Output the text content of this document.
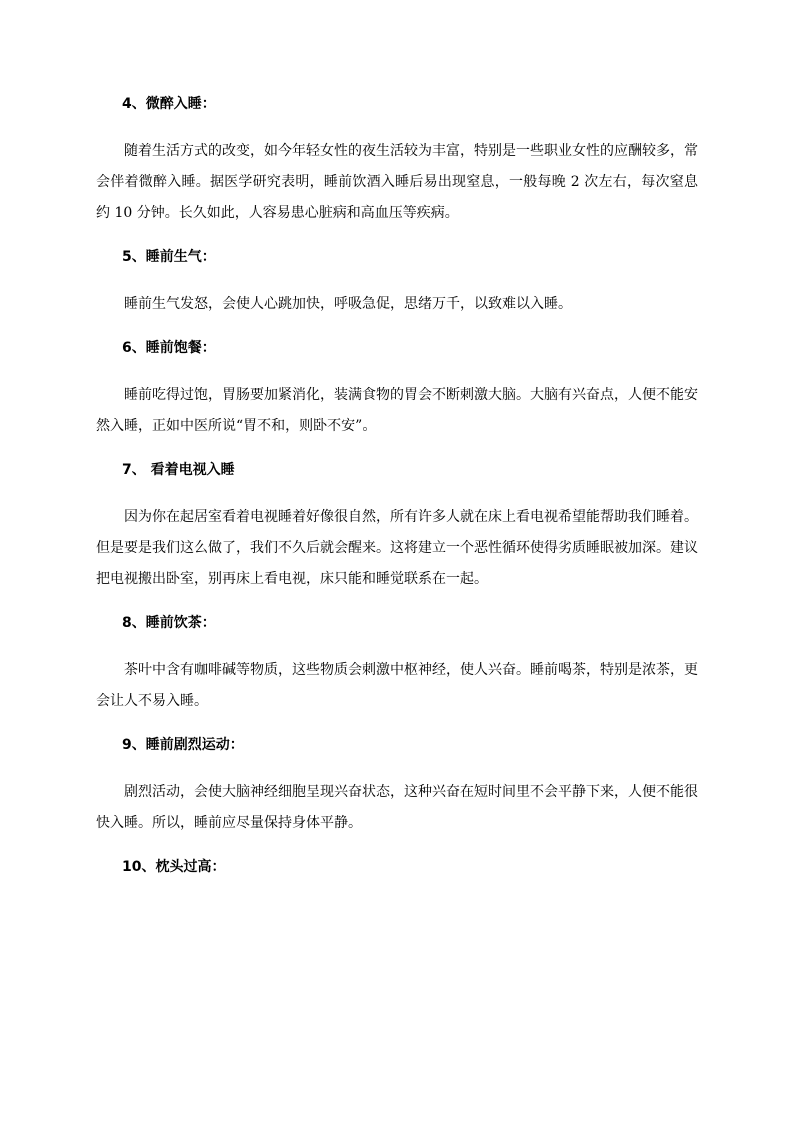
4、微醉入睡：

随着生活方式的改变，如今年轻女性的夜生活较为丰富，特别是一些职业女性的应酬较多，常会伴着微醉入睡。据医学研究表明，睡前饮酒入睡后易出现窒息，一般每晚 2 次左右，每次窒息约 10 分钟。长久如此，人容易患心脏病和高血压等疾病。

5、睡前生气：

睡前生气发怒，会使人心跳加快，呼吸急促，思绪万千，以致难以入睡。

6、睡前饱餐：

睡前吃得过饱，胃肠要加紧消化，装满食物的胃会不断刺激大脑。大脑有兴奋点，人便不能安然入睡，正如中医所说“胃不和，则卧不安”。

7、 看着电视入睡

因为你在起居室看着电视睡着好像很自然，所有许多人就在床上看电视希望能帮助我们睡着。但是要是我们这么做了，我们不久后就会醒来。这将建立一个恶性循环使得劣质睡眠被加深。建议把电视搬出卧室，别再床上看电视，床只能和睡觉联系在一起。

8、睡前饮茶：

茶叶中含有咖啡碱等物质，这些物质会刺激中枢神经，使人兴奋。睡前喝茶，特别是浓茶，更会让人不易入睡。

9、睡前剧烈运动：

剧烈活动，会使大脑神经细胞呈现兴奋状态，这种兴奋在短时间里不会平静下来，人便不能很快入睡。所以，睡前应尽量保持身体平静。

10、枕头过高：
